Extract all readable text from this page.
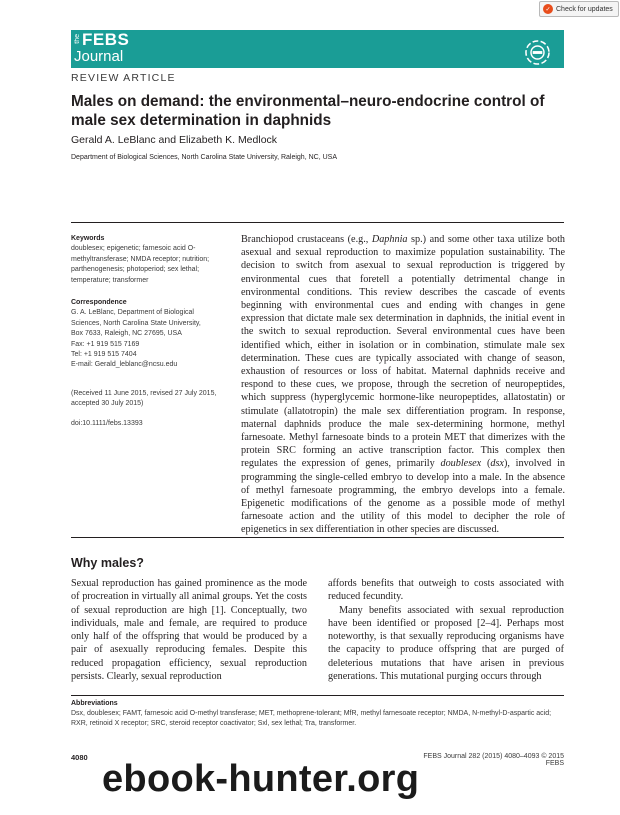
✓ Check for updates
the FEBS
Journal
REVIEW ARTICLE
Males on demand: the environmental–neuro-endocrine control of male sex determination in daphnids
Gerald A. LeBlanc and Elizabeth K. Medlock
Department of Biological Sciences, North Carolina State University, Raleigh, NC, USA
Keywords
doublesex; epigenetic; farnesoic acid O-methyltransferase; NMDA receptor; nutrition; parthenogenesis; photoperiod; sex lethal; temperature; transformer
Correspondence
G. A. LeBlanc, Department of Biological
Sciences, North Carolina State University,
Box 7633, Raleigh, NC 27695, USA
Fax: +1 919 515 7169
Tel: +1 919 515 7404
E-mail: Gerald_leblanc@ncsu.edu
(Received 11 June 2015, revised 27 July 2015, accepted 30 July 2015)
doi:10.1111/febs.13393

Branchiopod crustaceans (e.g., Daphnia sp.) and some other taxa utilize both asexual and sexual reproduction to maximize population sustainability. The decision to switch from asexual to sexual reproduction is triggered by environmental cues that foretell a potentially detrimental change in environmental conditions. This review describes the cascade of events beginning with environmental cues and ending with changes in gene expression that dictate male sex determination in daphnids, the initial event in the switch to sexual reproduction. Several environmental cues have been identified which, either in isolation or in combination, stimulate male sex determination. These cues are typically associated with change of season, exhaustion of resources or loss of habitat. Maternal daphnids receive and respond to these cues, we propose, through the secretion of neuropeptides, which suppress (hyperglycemic hormone-like neuropeptides, allatostatin) or stimulate (allatotropin) the male sex differentiation program. In response, maternal daphnids produce the male sex-determining hormone, methyl farnesoate. Methyl farnesoate binds to a protein MET that dimerizes with the protein SRC forming an active transcription factor. This complex then regulates the expression of genes, primarily doublesex (dsx), involved in programming the single-celled embryo to develop into a male. In the absence of methyl farnesoate programming, the embryo develops into a female. Epigenetic modifications of the genome as a possible mode of methyl farnesoate action and the utility of this model to decipher the role of epigenetics in sex differentiation in other species are discussed.

Why males?

Sexual reproduction has gained prominence as the mode of procreation in virtually all animal groups. Yet the costs of sexual reproduction are high [1]. Conceptually, two individuals, male and female, are required to produce only half of the offspring that would be produced by a pair of asexually reproducing females. Despite this reduced propagation efficiency, sexual reproduction persists. Clearly, sexual reproduction

affords benefits that outweigh to costs associated with reduced fecundity.

Many benefits associated with sexual reproduction have been identified or proposed [2–4]. Perhaps most noteworthy, is that sexually reproducing organisms have the capacity to produce offspring that are purged of deleterious mutations that have arisen in previous generations. This mutational purging occurs through

Abbreviations
Dsx, doublesex; FAMT, farnesoic acid O-methyl transferase; MET, methoprene-tolerant; MfR, methyl farnesoate receptor; NMDA, N-methyl-D-aspartic acid; RXR, retinoid X receptor; SRC, steroid receptor coactivator; Sxl, sex lethal; Tra, transformer.
4080	FEBS Journal 282 (2015) 4080–4093 © 2015 FEBS
ebook-hunter.org
